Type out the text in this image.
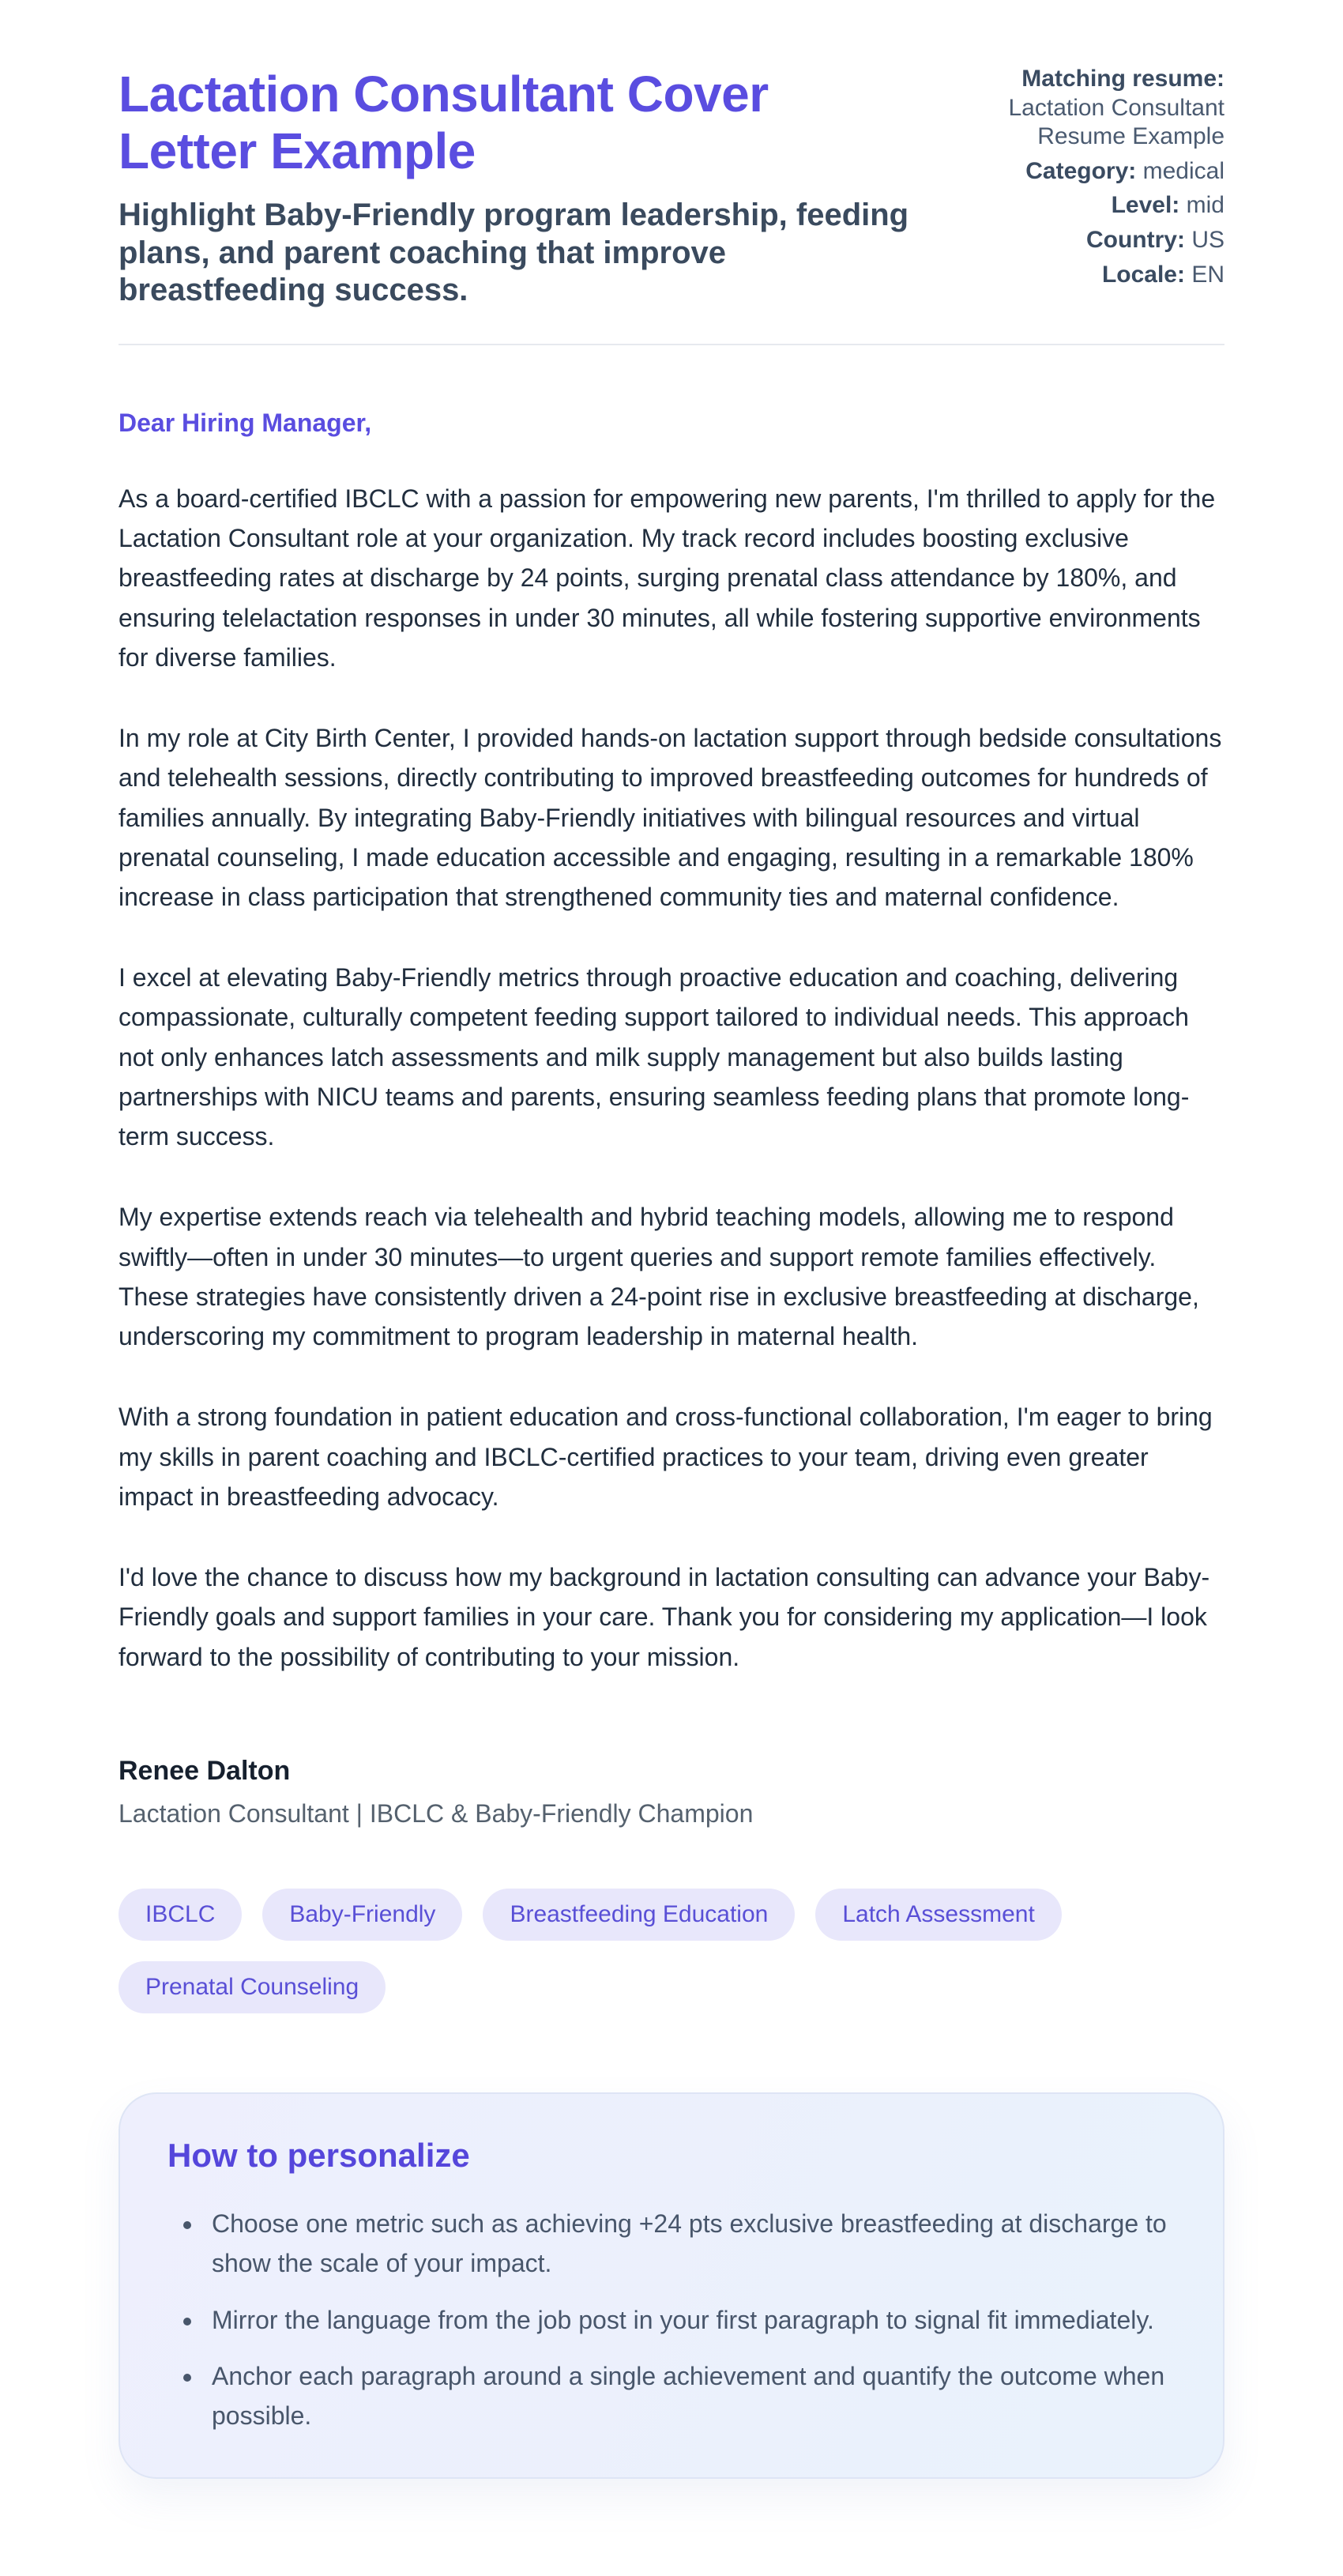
Lactation Consultant Cover Letter Example

Highlight Baby-Friendly program leadership, feeding plans, and parent coaching that improve breastfeeding success.

Matching resume:
Lactation Consultant Resume Example
Category: medical
Level: mid
Country: US
Locale: EN

Dear Hiring Manager,

As a board-certified IBCLC with a passion for empowering new parents, I'm thrilled to apply for the Lactation Consultant role at your organization. My track record includes boosting exclusive breastfeeding rates at discharge by 24 points, surging prenatal class attendance by 180%, and ensuring telelactation responses in under 30 minutes, all while fostering supportive environments for diverse families.

In my role at City Birth Center, I provided hands-on lactation support through bedside consultations and telehealth sessions, directly contributing to improved breastfeeding outcomes for hundreds of families annually. By integrating Baby-Friendly initiatives with bilingual resources and virtual prenatal counseling, I made education accessible and engaging, resulting in a remarkable 180% increase in class participation that strengthened community ties and maternal confidence.

I excel at elevating Baby-Friendly metrics through proactive education and coaching, delivering compassionate, culturally competent feeding support tailored to individual needs. This approach not only enhances latch assessments and milk supply management but also builds lasting partnerships with NICU teams and parents, ensuring seamless feeding plans that promote long-term success.

My expertise extends reach via telehealth and hybrid teaching models, allowing me to respond swiftly—often in under 30 minutes—to urgent queries and support remote families effectively. These strategies have consistently driven a 24-point rise in exclusive breastfeeding at discharge, underscoring my commitment to program leadership in maternal health.

With a strong foundation in patient education and cross-functional collaboration, I'm eager to bring my skills in parent coaching and IBCLC-certified practices to your team, driving even greater impact in breastfeeding advocacy.

I'd love the chance to discuss how my background in lactation consulting can advance your Baby-Friendly goals and support families in your care. Thank you for considering my application—I look forward to the possibility of contributing to your mission.

Renee Dalton

Lactation Consultant | IBCLC & Baby-Friendly Champion

IBCLC	Baby-Friendly	Breastfeeding Education	Latch Assessment
Prenatal Counseling
How to personalize
• Choose one metric such as achieving +24 pts exclusive breastfeeding at discharge to show the scale of your impact.
• Mirror the language from the job post in your first paragraph to signal fit immediately.
• Anchor each paragraph around a single achievement and quantify the outcome when possible.
